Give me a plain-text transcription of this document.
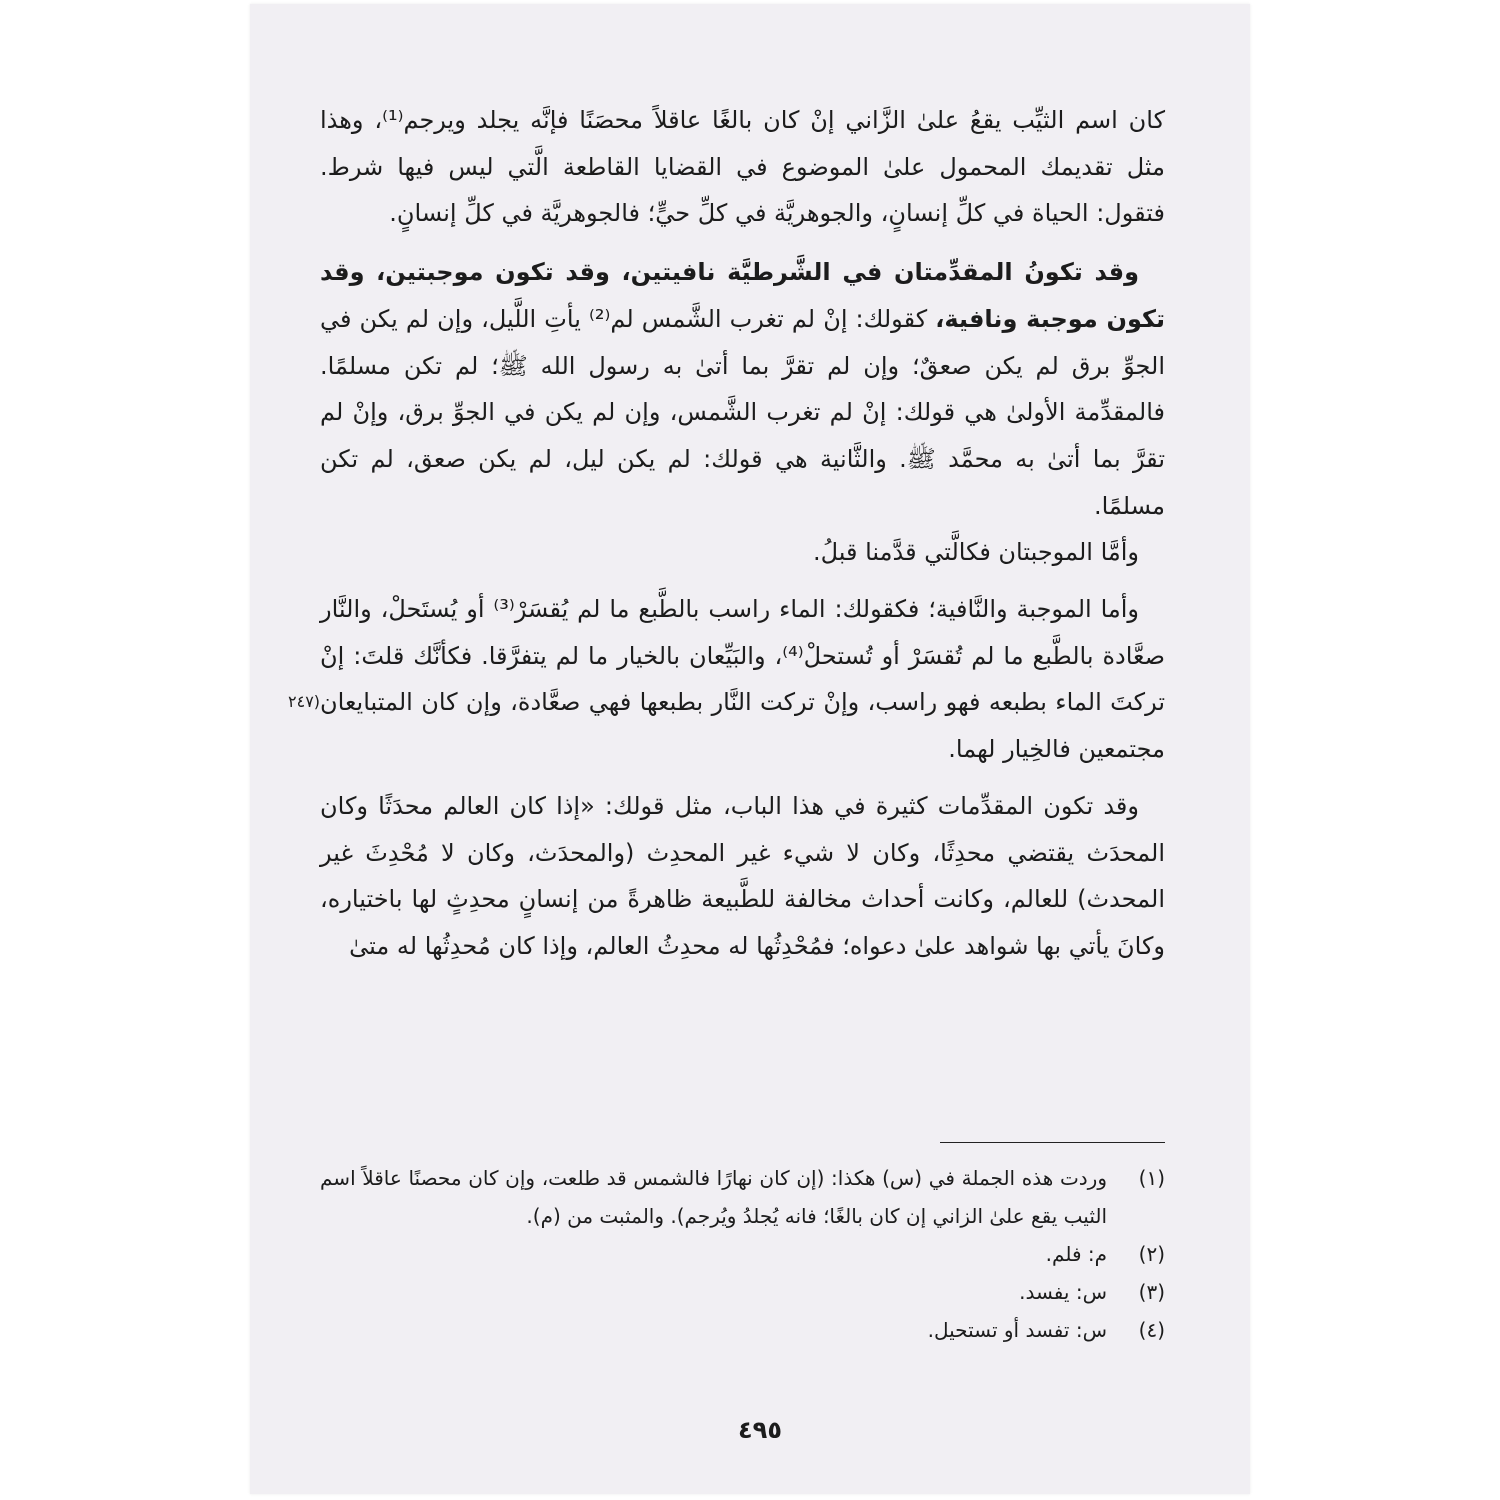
(٢٤٧

كان اسم الثيِّب يقعُ علىٰ الزَّاني إنْ كان بالغًا عاقلاً محصَنًا فإنَّه يجلد ويرجم⁽¹⁾، وهذا مثل تقديمك المحمول علىٰ الموضوع في القضايا القاطعة الَّتي ليس فيها شرط. فتقول: الحياة في كلِّ إنسانٍ، والجوهريَّة في كلِّ حيٍّ؛ فالجوهريَّة في كلِّ إنسانٍ.

وقد تكونُ المقدِّمتان في الشَّرطيَّة نافيتين، وقد تكون موجبتين، وقد تكون موجبة ونافية، كقولك: إنْ لم تغرب الشَّمس لم⁽²⁾ يأتِ اللَّيل، وإن لم يكن في الجوِّ برق لم يكن صعقٌ؛ وإن لم تقرَّ بما أتىٰ به رسول الله ﷺ؛ لم تكن مسلمًا. فالمقدِّمة الأولىٰ هي قولك: إنْ لم تغرب الشَّمس، وإن لم يكن في الجوِّ برق، وإنْ لم تقرَّ بما أتىٰ به محمَّد ﷺ. والثَّانية هي قولك: لم يكن ليل، لم يكن صعق، لم تكن مسلمًا.

وأمَّا الموجبتان فكالَّتي قدَّمنا قبلُ.

وأما الموجبة والنَّافية؛ فكقولك: الماء راسب بالطَّبع ما لم يُقسَرْ⁽³⁾ أو يُستَحلْ، والنَّار صعَّادة بالطَّبع ما لم تُقسَرْ أو تُستحلْ⁽⁴⁾، والبَيِّعان بالخيار ما لم يتفرَّقا. فكأنَّك قلتَ: إنْ تركتَ الماء بطبعه فهو راسب، وإنْ تركت النَّار بطبعها فهي صعَّادة، وإن كان المتبايعان مجتمعين فالخِيار لهما.

وقد تكون المقدِّمات كثيرة في هذا الباب، مثل قولك: «إذا كان العالم محدَثًا وكان المحدَث يقتضي محدِثًا، وكان لا شيء غير المحدِث (والمحدَث، وكان لا مُحْدِثَ غير المحدث) للعالم، وكانت أحداث مخالفة للطَّبيعة ظاهرةً من إنسانٍ محدِثٍ لها باختياره، وكانَ يأتي بها شواهد علىٰ دعواه؛ فمُحْدِثُها له محدِثُ العالم، وإذا كان مُحدِثُها له متىٰ

(١)وردت هذه الجملة في (س) هكذا: (إن كان نهارًا فالشمس قد طلعت، وإن كان محصنًا عاقلاً اسم الثيب يقع علىٰ الزاني إن كان بالغًا؛ فانه يُجلدُ ويُرجم). والمثبت من (م).

(٢)م: فلم.

(٣)س: يفسد.

(٤)س: تفسد أو تستحيل.

٤٩٥
